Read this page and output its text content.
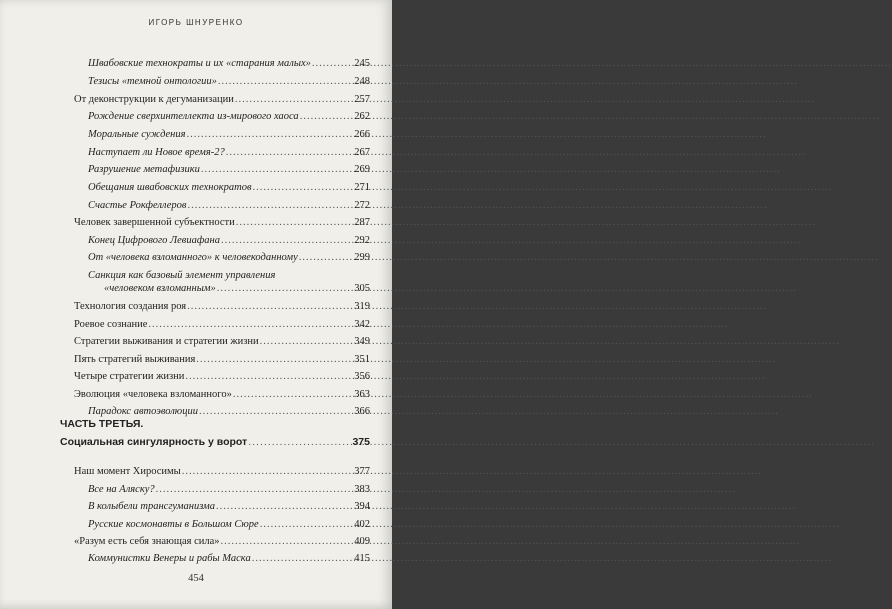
ИГОРЬ ШНУРЕНКО
Швабовские технократы и их «старания малых» .....	245
Тезисы «темной онтологии» .....	248
От деконструкции к дегуманизации .....	257
Рождение сверхинтеллекта из-мирового хаоса .....	262
Моральные суждения .....	266
Наступает ли Новое время-2? .....	267
Разрушение метафизики .....	269
Обещания швабовских технократов .....	271
Счастье Рокфеллеров .....	272
Человек завершенной субъектности .....	287
Конец Цифрового Левиафана .....	292
От «человека взломанного» к человекоданному .....	299
Санкция как базовый элемент управления
«человеком взломанным» .....	305
Технология создания роя .....	319
Роевое сознание .....	342
Стратегии выживания и стратегии жизни .....	349
Пять стратегий выживания .....	351
Четыре стратегии жизни .....	356
Эволюция «человека взломанного» .....	363
Парадокс автоэволюции .....	366
ЧАСТЬ ТРЕТЬЯ.
Социальная сингулярность у ворот .....	375
Наш момент Хиросимы .....	377
Все на Аляску? .....	383
В колыбели трансгуманизма .....	394
Русские космонавты в Большом Сюре .....	402
«Разум есть себя знающая сила» .....	409
Коммунистки Венеры и рабы Маска .....	415
454
